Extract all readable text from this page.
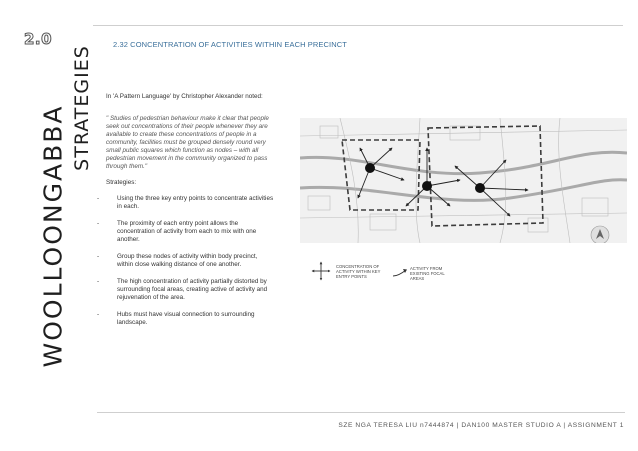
2.0
WOOLLOONGABBA STRATEGIES
2.32 CONCENTRATION OF ACTIVITIES WITHIN EACH PRECINCT
In 'A Pattern Language' by Christopher Alexander noted:
" Studies of pedestrian behaviour make it clear that people seek out concentrations of their people whenever they are available to create these concentrations of people in a community, facilities must be grouped densely round very small public squares which function as nodes – with all pedestrian movement in the community organized to pass through them."
Strategies:
-	Using the three key entry points to concentrate activities in each.
-	The proximity of each entry point allows the concentration of activity from each to mix with one another.
-	Group these nodes of activity within body precinct, within close walking distance of one another.
-	The high concentration of activity partially distorted by surrounding focal areas, creating active of activity and rejuvenation of the area.
-	Hubs must have visual connection to surrounding landscape.
CONCENTRATION OF ACTIVITY WITHIN KEY ENTRY POINTS
ACTIVITY FROM EXISTING FOCAL AREAS
SZE NGA TERESA LIU n7444874 | DAN100 MASTER STUDIO A | ASSIGNMENT 1
